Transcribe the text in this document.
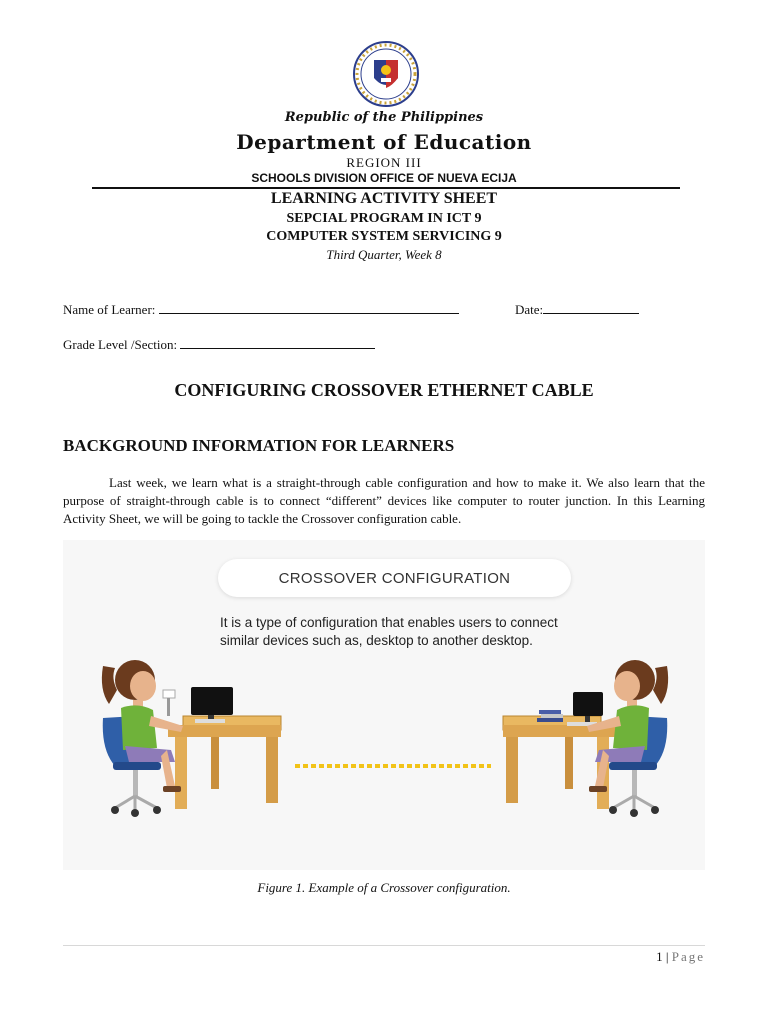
Republic of the Philippines
Department of Education
REGION III
SCHOOLS DIVISION OFFICE OF NUEVA ECIJA
LEARNING ACTIVITY SHEET
SEPCIAL PROGRAM IN ICT 9
COMPUTER SYSTEM SERVICING 9
Third Quarter, Week 8
Name of Learner:	Date:
Grade Level /Section:
CONFIGURING CROSSOVER ETHERNET CABLE
BACKGROUND INFORMATION FOR LEARNERS
Last week, we learn what is a straight-through cable configuration and how to make it. We also learn that the purpose of straight-through cable is to connect “different” devices like computer to router junction. In this Learning Activity Sheet, we will be going to tackle the Crossover configuration cable.
CROSSOVER CONFIGURATION
It is a type of configuration that enables users to connect similar devices such as, desktop to another desktop.
Figure 1. Example of a Crossover configuration.
1 | Page
